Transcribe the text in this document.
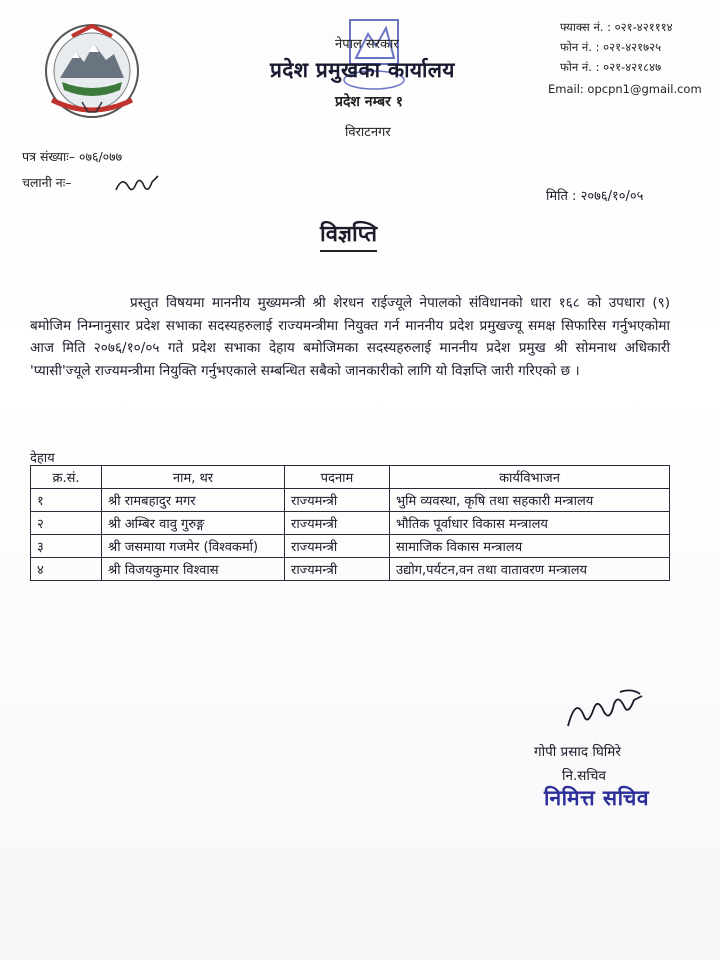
नेपाल सरकार
प्रदेश प्रमुखका कार्यालय
प्रदेश नम्बर १
विराटनगर
फ्याक्स नं. : ०२१-४२१११४
फोन नं. : ०२१-४२१७२५
फोन नं. : ०२१-४२१८४७
Email: opcpn1@gmail.com
पत्र संख्याः– ०७६/०७७
चलानी नः–
मिति : २०७६/१०/०५
विज्ञप्ति
प्रस्तुत विषयमा माननीय मुख्यमन्त्री श्री शेरधन राईज्यूले नेपालको संविधानको धारा १६८ को उपधारा (९) बमोजिम निम्नानुसार प्रदेश सभाका सदस्यहरुलाई राज्यमन्त्रीमा नियुक्त गर्न माननीय प्रदेश प्रमुखज्यू समक्ष सिफारिस गर्नुभएकोमा आज मिति २०७६/१०/०५ गते प्रदेश सभाका देहाय बमोजिमका सदस्यहरुलाई माननीय प्रदेश प्रमुख श्री सोमनाथ अधिकारी 'प्यासी'ज्यूले राज्यमन्त्रीमा नियुक्ति गर्नुभएकाले सम्बन्धित सबैको जानकारीको लागि यो विज्ञप्ति जारी गरिएको छ ।
देहाय
क्र.सं.	नाम, थर	पदनाम	कार्यविभाजन
१	श्री रामबहादुर मगर	राज्यमन्त्री	भुमि व्यवस्था, कृषि तथा सहकारी मन्त्रालय
२	श्री अम्बिर वावु गुरुङ्ग	राज्यमन्त्री	भौतिक पूर्वाधार विकास मन्त्रालय
३	श्री जसमाया गजमेर (विश्वकर्मा)	राज्यमन्त्री	सामाजिक विकास मन्त्रालय
४	श्री विजयकुमार विश्वास	राज्यमन्त्री	उद्योग,पर्यटन,वन तथा वातावरण मन्त्रालय
गोपी प्रसाद घिमिरे
नि.सचिव
निमित्त सचिव
